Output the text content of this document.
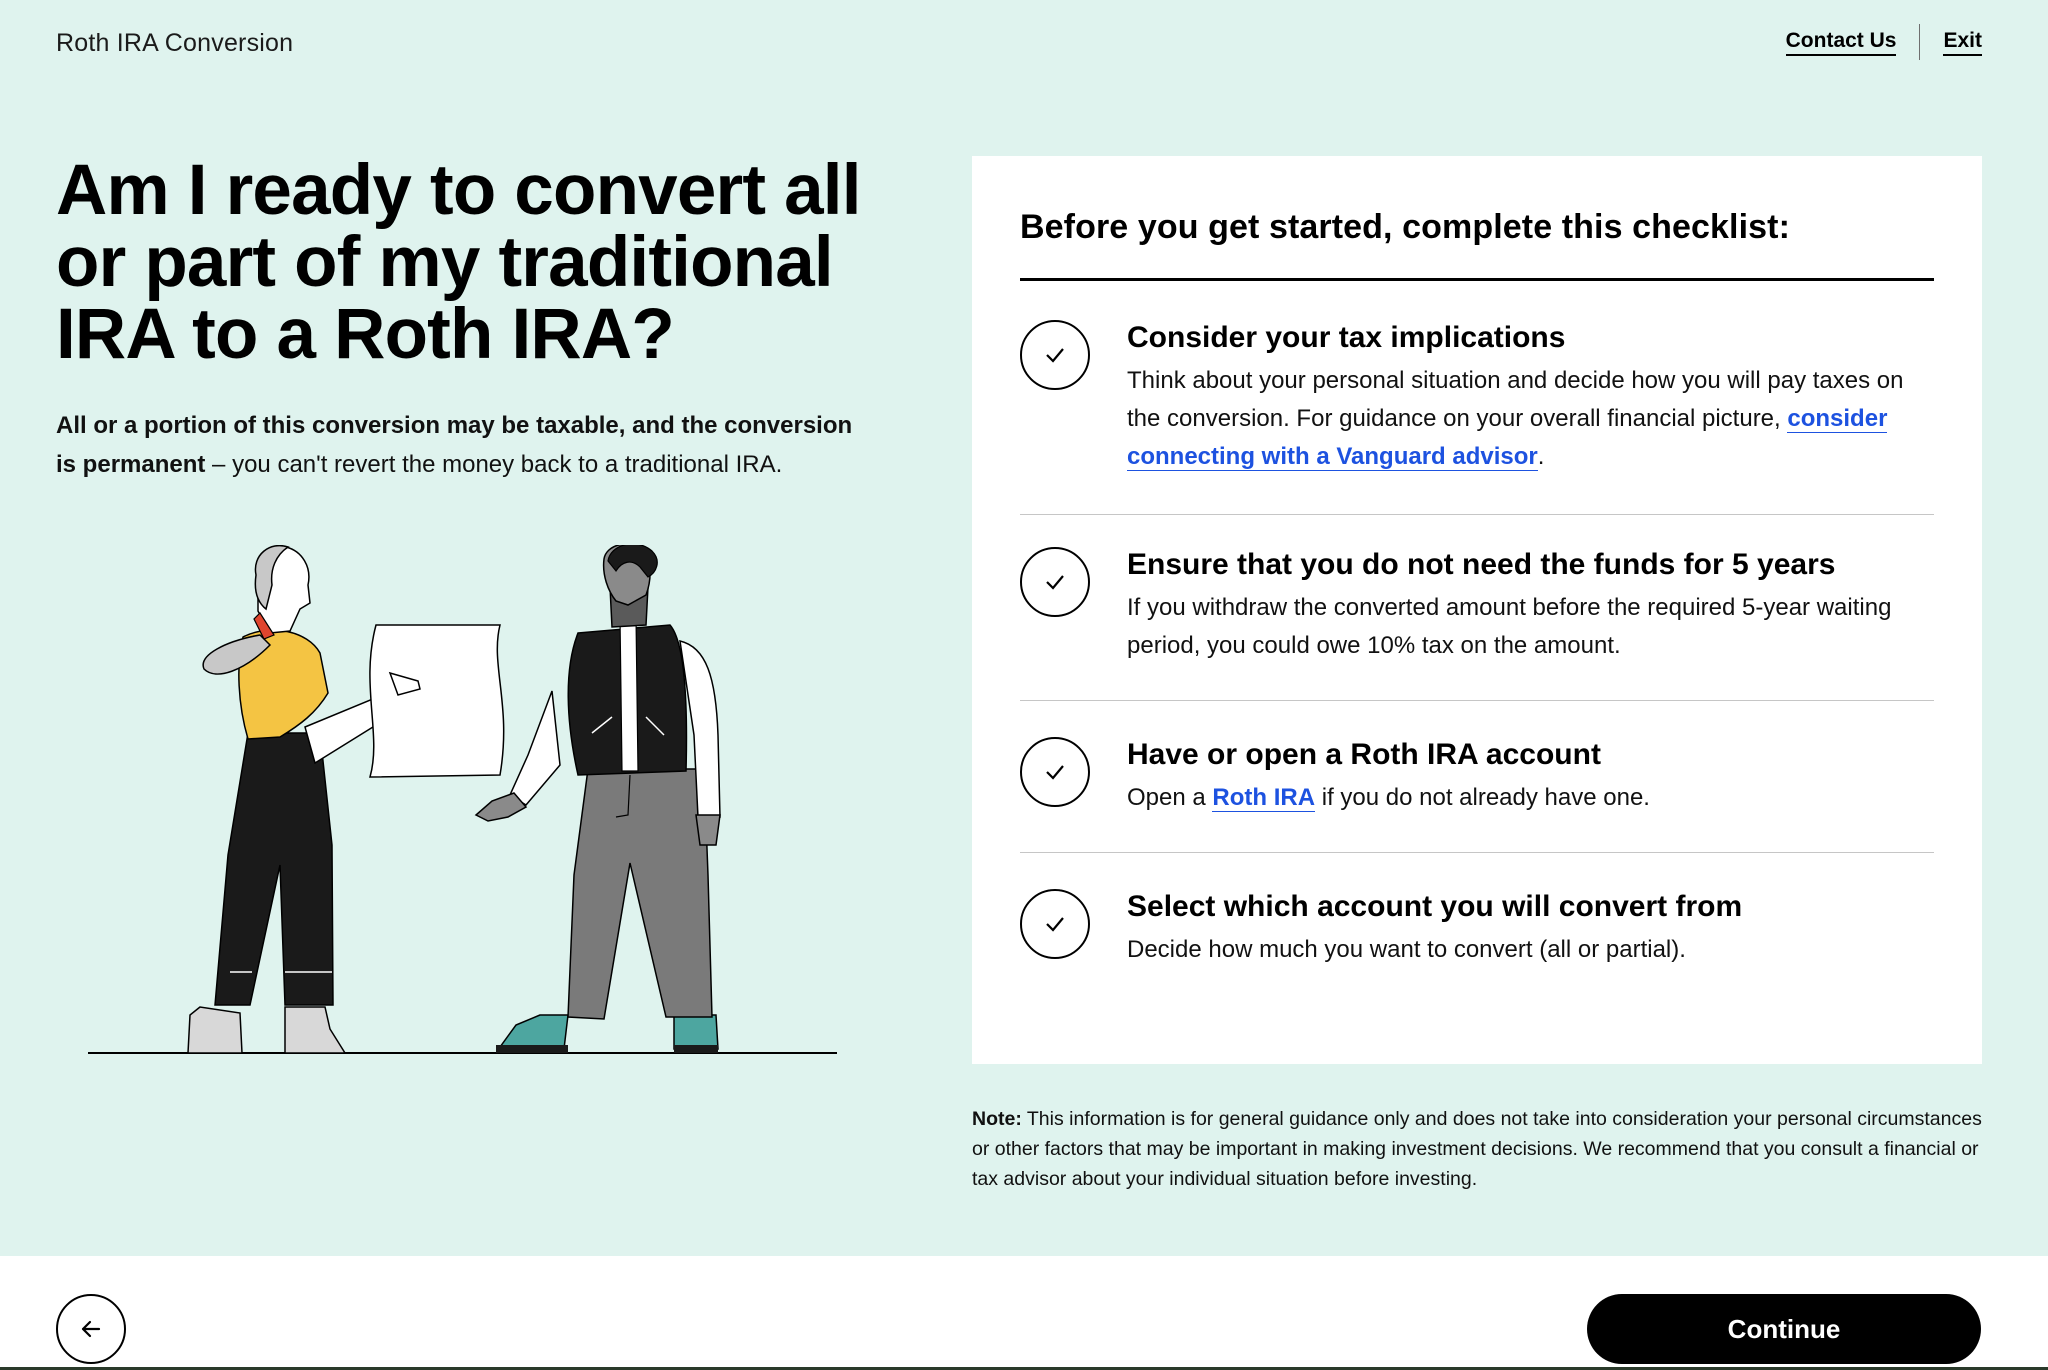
Roth IRA Conversion	Contact Us Exit
Am I ready to convert all or part of my traditional IRA to a Roth IRA?

All or a portion of this conversion may be taxable, and the conversion is permanent – you can't revert the money back to a traditional IRA.

Before you get started, complete this checklist:
Consider your tax implications

Think about your personal situation and decide how you will pay taxes on the conversion. For guidance on your overall financial picture, consider connecting with a Vanguard advisor.

Ensure that you do not need the funds for 5 years

If you withdraw the converted amount before the required 5-year waiting period, you could owe 10% tax on the amount.

Have or open a Roth IRA account

Open a Roth IRA if you do not already have one.

Select which account you will convert from

Decide how much you want to convert (all or partial).

Note: This information is for general guidance only and does not take into consideration your personal circumstances or other factors that may be important in making investment decisions. We recommend that you consult a financial or tax advisor about your individual situation before investing.

Continue
